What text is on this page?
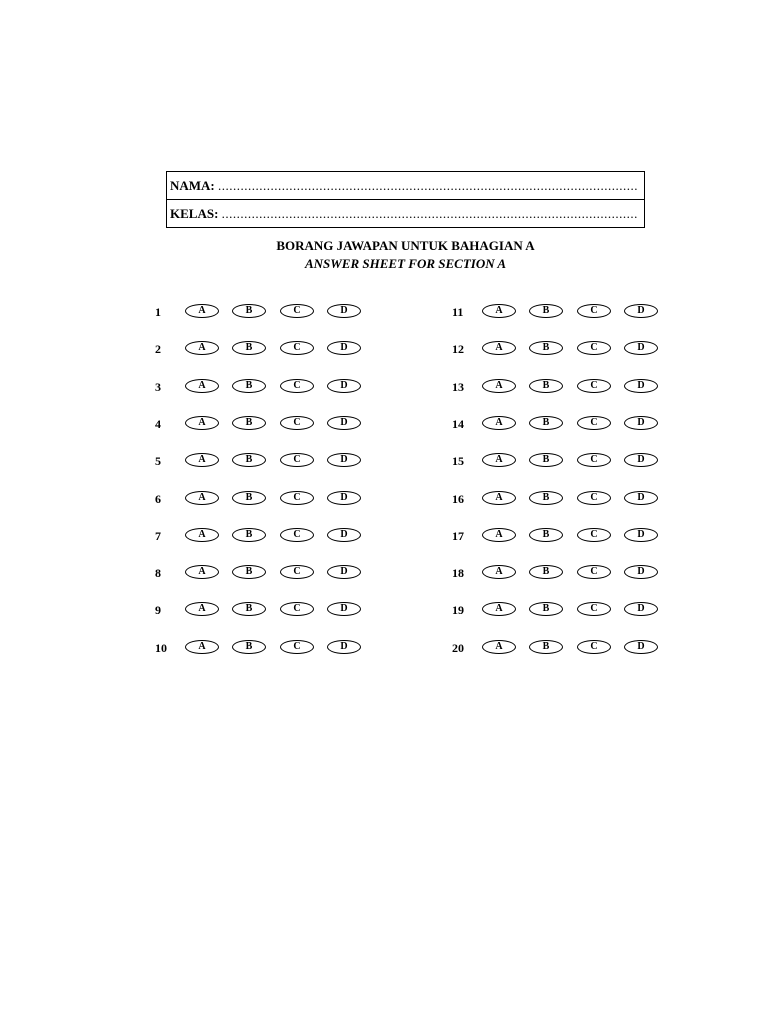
NAMA: ................................................................................................................
KELAS: ...............................................................................................................
BORANG JAWAPAN UNTUK BAHAGIAN A
ANSWER SHEET FOR SECTION A
1	A	B	C	D
2	A	B	C	D
3	A	B	C	D
4	A	B	C	D
5	A	B	C	D
6	A	B	C	D
7	A	B	C	D
8	A	B	C	D
9	A	B	C	D
10	A	B	C	D
11	A	B	C	D
12	A	B	C	D
13	A	B	C	D
14	A	B	C	D
15	A	B	C	D
16	A	B	C	D
17	A	B	C	D
18	A	B	C	D
19	A	B	C	D
20	A	B	C	D
